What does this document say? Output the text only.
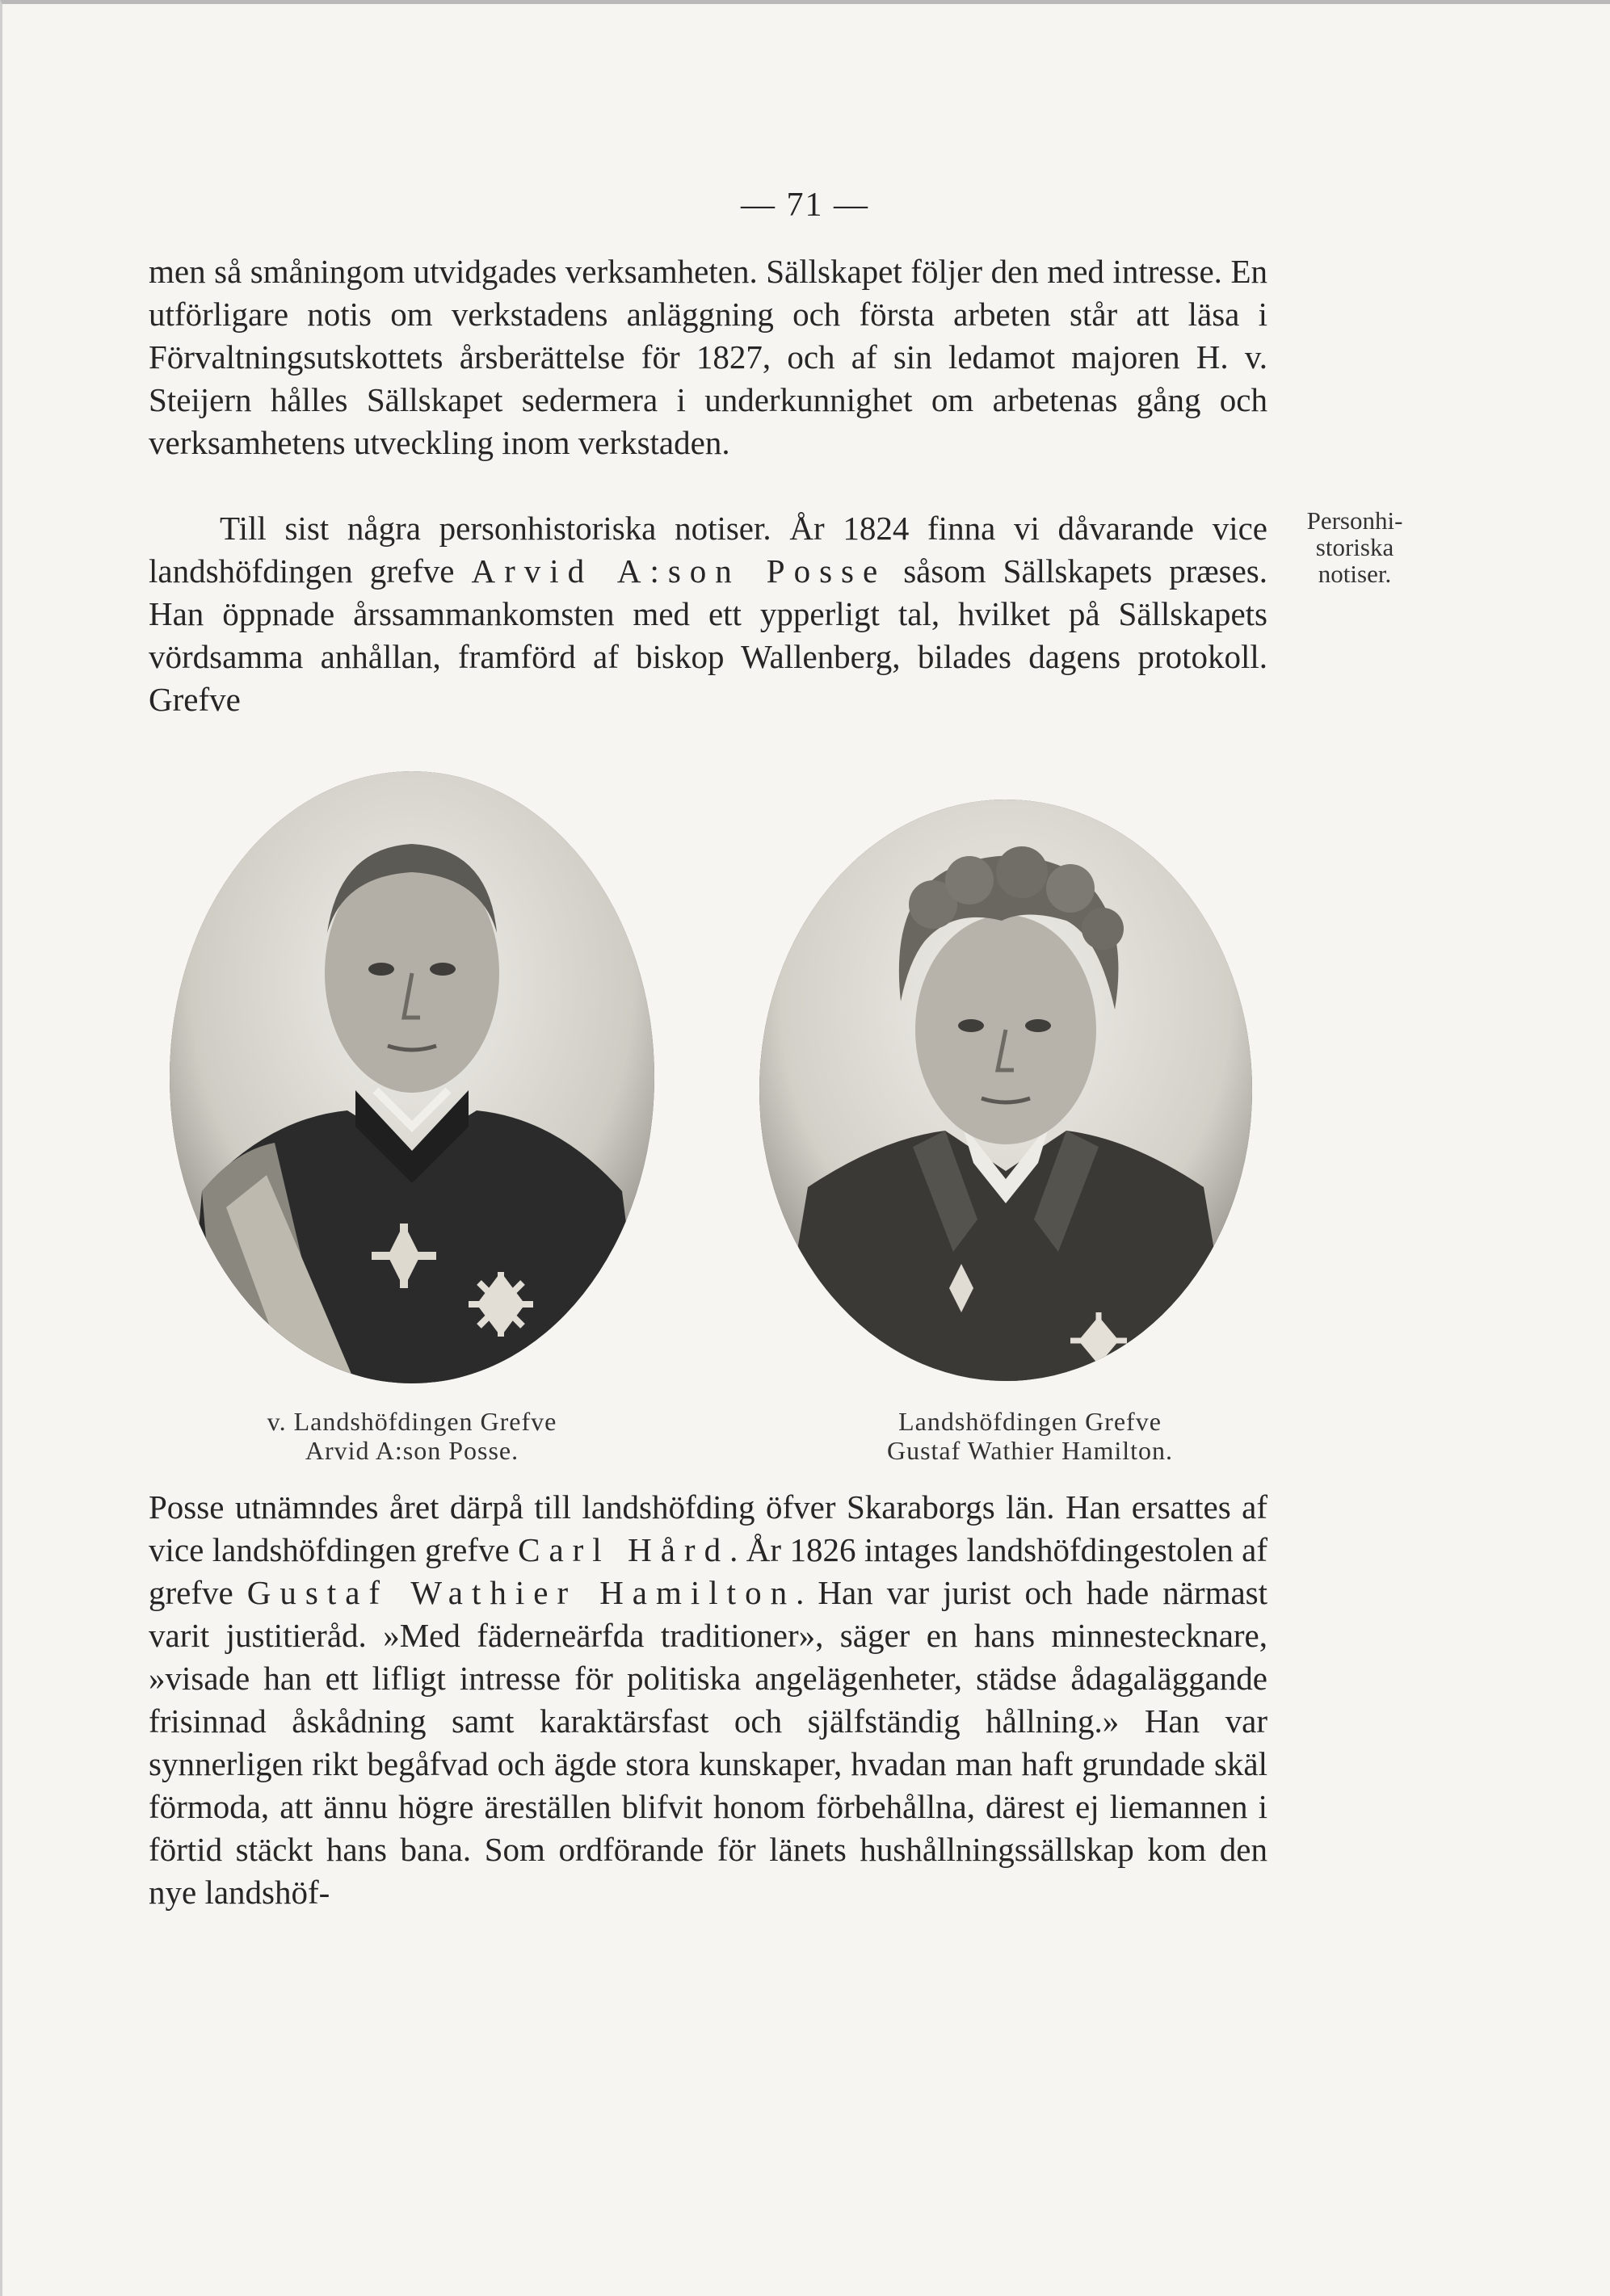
— 71 —

men så småningom utvidgades verksamheten. Sällskapet följer den med intresse. En utförligare notis om verkstadens anläggning och första arbeten står att läsa i Förvaltningsutskottets årsberättelse för 1827, och af sin ledamot majoren H. v. Steijern hålles Sällskapet sedermera i underkunnighet om arbetenas gång och verksamhetens utveckling inom verkstaden.

Till sist några personhistoriska notiser. År 1824 finna vi dåvarande vice landshöfdingen grefve Arvid A:son Posse såsom Sällskapets præses. Han öppnade årssammankomsten med ett ypperligt tal, hvilket på Sällskapets vördsamma anhållan, framförd af biskop Wallenberg, bilades dagens protokoll. Grefve

Personhi-
storiska
notiser.
v. Landshöfdingen Grefve
Arvid A:son Posse.
Landshöfdingen Grefve
Gustaf Wathier Hamilton.

Posse utnämndes året därpå till landshöfding öfver Skaraborgs län. Han ersattes af vice landshöfdingen grefve Carl Hård. År 1826 intages landshöfdingestolen af grefve Gustaf Wathier Hamilton. Han var jurist och hade närmast varit justitieråd. »Med fäderneärfda traditioner», säger en hans minnestecknare, »visade han ett lifligt intresse för politiska angelägenheter, städse ådagaläggande frisinnad åskådning samt karaktärsfast och själfständig hållning.» Han var synnerligen rikt begåfvad och ägde stora kunskaper, hvadan man haft grundade skäl förmoda, att ännu högre äreställen blifvit honom förbehållna, därest ej liemannen i förtid stäckt hans bana. Som ordförande för länets hushållningssällskap kom den nye landshöf-
